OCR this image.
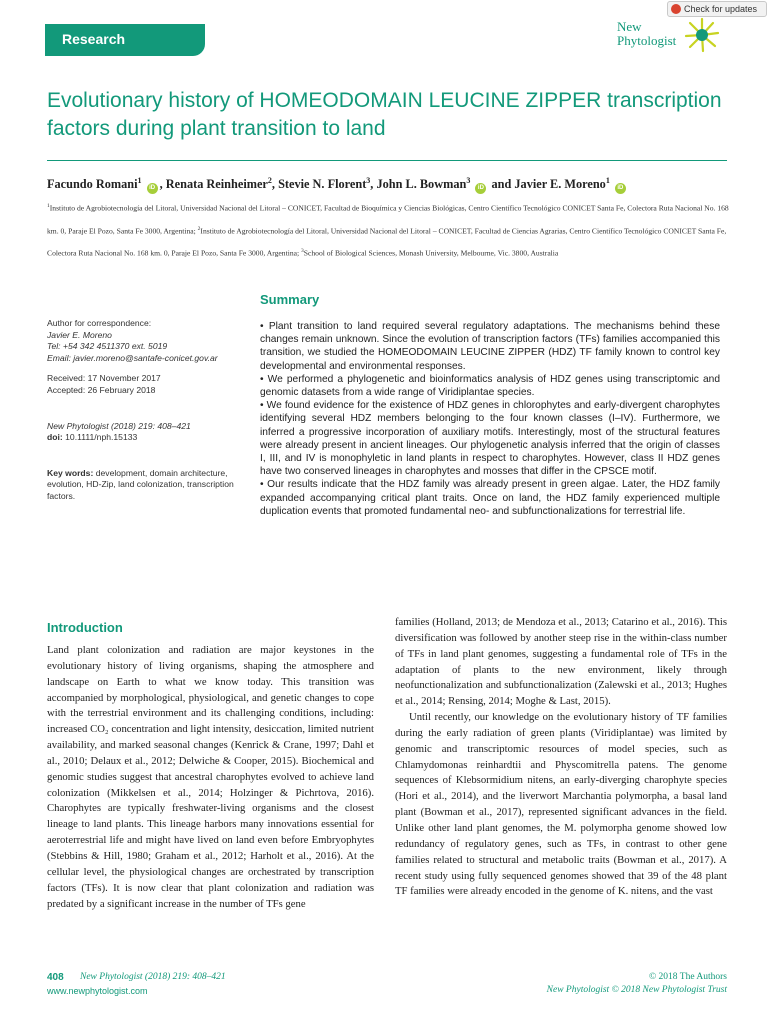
Research
Check for updates
New
Phytologist
Evolutionary history of HOMEODOMAIN LEUCINE ZIPPER transcription factors during plant transition to land
Facundo Romani$^1$ iD , Renata Reinheimer$^2$, Stevie N. Florent$^3$, John L. Bowman$^3$ iD and Javier E. Moreno$^1$ iD
$^1$Instituto de Agrobiotecnología del Litoral, Universidad Nacional del Litoral – CONICET, Facultad de Bioquímica y Ciencias Biológicas, Centro Científico Tecnológico CONICET Santa Fe, Colectora Ruta Nacional No. 168 km. 0, Paraje El Pozo, Santa Fe 3000, Argentina; $^2$Instituto de Agrobiotecnología del Litoral, Universidad Nacional del Litoral – CONICET, Facultad de Ciencias Agrarias, Centro Científico Tecnológico CONICET Santa Fe, Colectora Ruta Nacional No. 168 km. 0, Paraje El Pozo, Santa Fe 3000, Argentina; $^3$School of Biological Sciences, Monash University, Melbourne, Vic. 3800, Australia
Summary

Author for correspondence:

Javier E. Moreno

Tel: +54 342 4511370 ext. 5019

Email: javier.moreno@santafe-conicet.gov.ar

Received: 17 November 2017

Accepted: 26 February 2018

New Phytologist (2018) 219: 408–421

doi: 10.1111/nph.15133

Key words: development, domain architecture, evolution, HD-Zip, land colonization, transcription factors.

• Plant transition to land required several regulatory adaptations. The mechanisms behind these changes remain unknown. Since the evolution of transcription factors (TFs) families accompanied this transition, we studied the HOMEODOMAIN LEUCINE ZIPPER (HDZ) TF family known to control key developmental and environmental responses.

• We performed a phylogenetic and bioinformatics analysis of HDZ genes using transcriptomic and genomic datasets from a wide range of Viridiplantae species.

• We found evidence for the existence of HDZ genes in chlorophytes and early-divergent charophytes identifying several HDZ members belonging to the four known classes (I–IV). Furthermore, we inferred a progressive incorporation of auxiliary motifs. Interestingly, most of the structural features were already present in ancient lineages. Our phylogenetic analysis inferred that the origin of classes I, III, and IV is monophyletic in land plants in respect to charophytes. However, class II HDZ genes have two conserved lineages in charophytes and mosses that differ in the CPSCE motif.

• Our results indicate that the HDZ family was already present in green algae. Later, the HDZ family expanded accompanying critical plant traits. Once on land, the HDZ family experienced multiple duplication events that promoted fundamental neo- and subfunctionalizations for terrestrial life.

Introduction

Land plant colonization and radiation are major keystones in the evolutionary history of living organisms, shaping the atmosphere and landscape on Earth to what we know today. This transition was accompanied by morphological, physiological, and genetic changes to cope with the terrestrial environment and its challenging conditions, including: increased CO₂ concentration and light intensity, desiccation, limited nutrient availability, and marked seasonal changes (Kenrick & Crane, 1997; Dahl et al., 2010; Delaux et al., 2012; Delwiche & Cooper, 2015). Biochemical and genomic studies suggest that ancestral charophytes evolved to achieve land colonization (Mikkelsen et al., 2014; Holzinger & Pichrtova, 2016). Charophytes are typically freshwater-living organisms and the closest lineage to land plants. This lineage harbors many innovations essential for aeroterrestrial life and might have lived on land even before Embryophytes (Stebbins & Hill, 1980; Graham et al., 2012; Harholt et al., 2016). At the cellular level, the physiological changes are orchestrated by transcription factors (TFs). It is now clear that plant colonization and radiation was predated by a significant increase in the number of TFs gene

families (Holland, 2013; de Mendoza et al., 2013; Catarino et al., 2016). This diversification was followed by another steep rise in the within-class number of TFs in land plant genomes, suggesting a fundamental role of TFs in the adaptation of plants to the new environment, likely through neofunctionalization and subfunctionalization (Zalewski et al., 2013; Hughes et al., 2014; Rensing, 2014; Moghe & Last, 2015).

Until recently, our knowledge on the evolutionary history of TF families during the early radiation of green plants (Viridiplantae) was limited by genomic and transcriptomic resources of model species, such as Chlamydomonas reinhardtii and Physcomitrella patens. The genome sequences of Klebsormidium nitens, an early-diverging charophyte species (Hori et al., 2014), and the liverwort Marchantia polymorpha, a basal land plant (Bowman et al., 2017), represented significant advances in the field. Unlike other land plant genomes, the M. polymorpha genome showed low redundancy of regulatory genes, such as TFs, in contrast to other gene families related to structural and metabolic traits (Bowman et al., 2017). A recent study using fully sequenced genomes showed that 39 of the 48 plant TF families were already encoded in the genome of K. nitens, and the vast

408 New Phytologist (2018) 219: 408–421
www.newphytologist.com
© 2018 The Authors
New Phytologist © 2018 New Phytologist Trust
